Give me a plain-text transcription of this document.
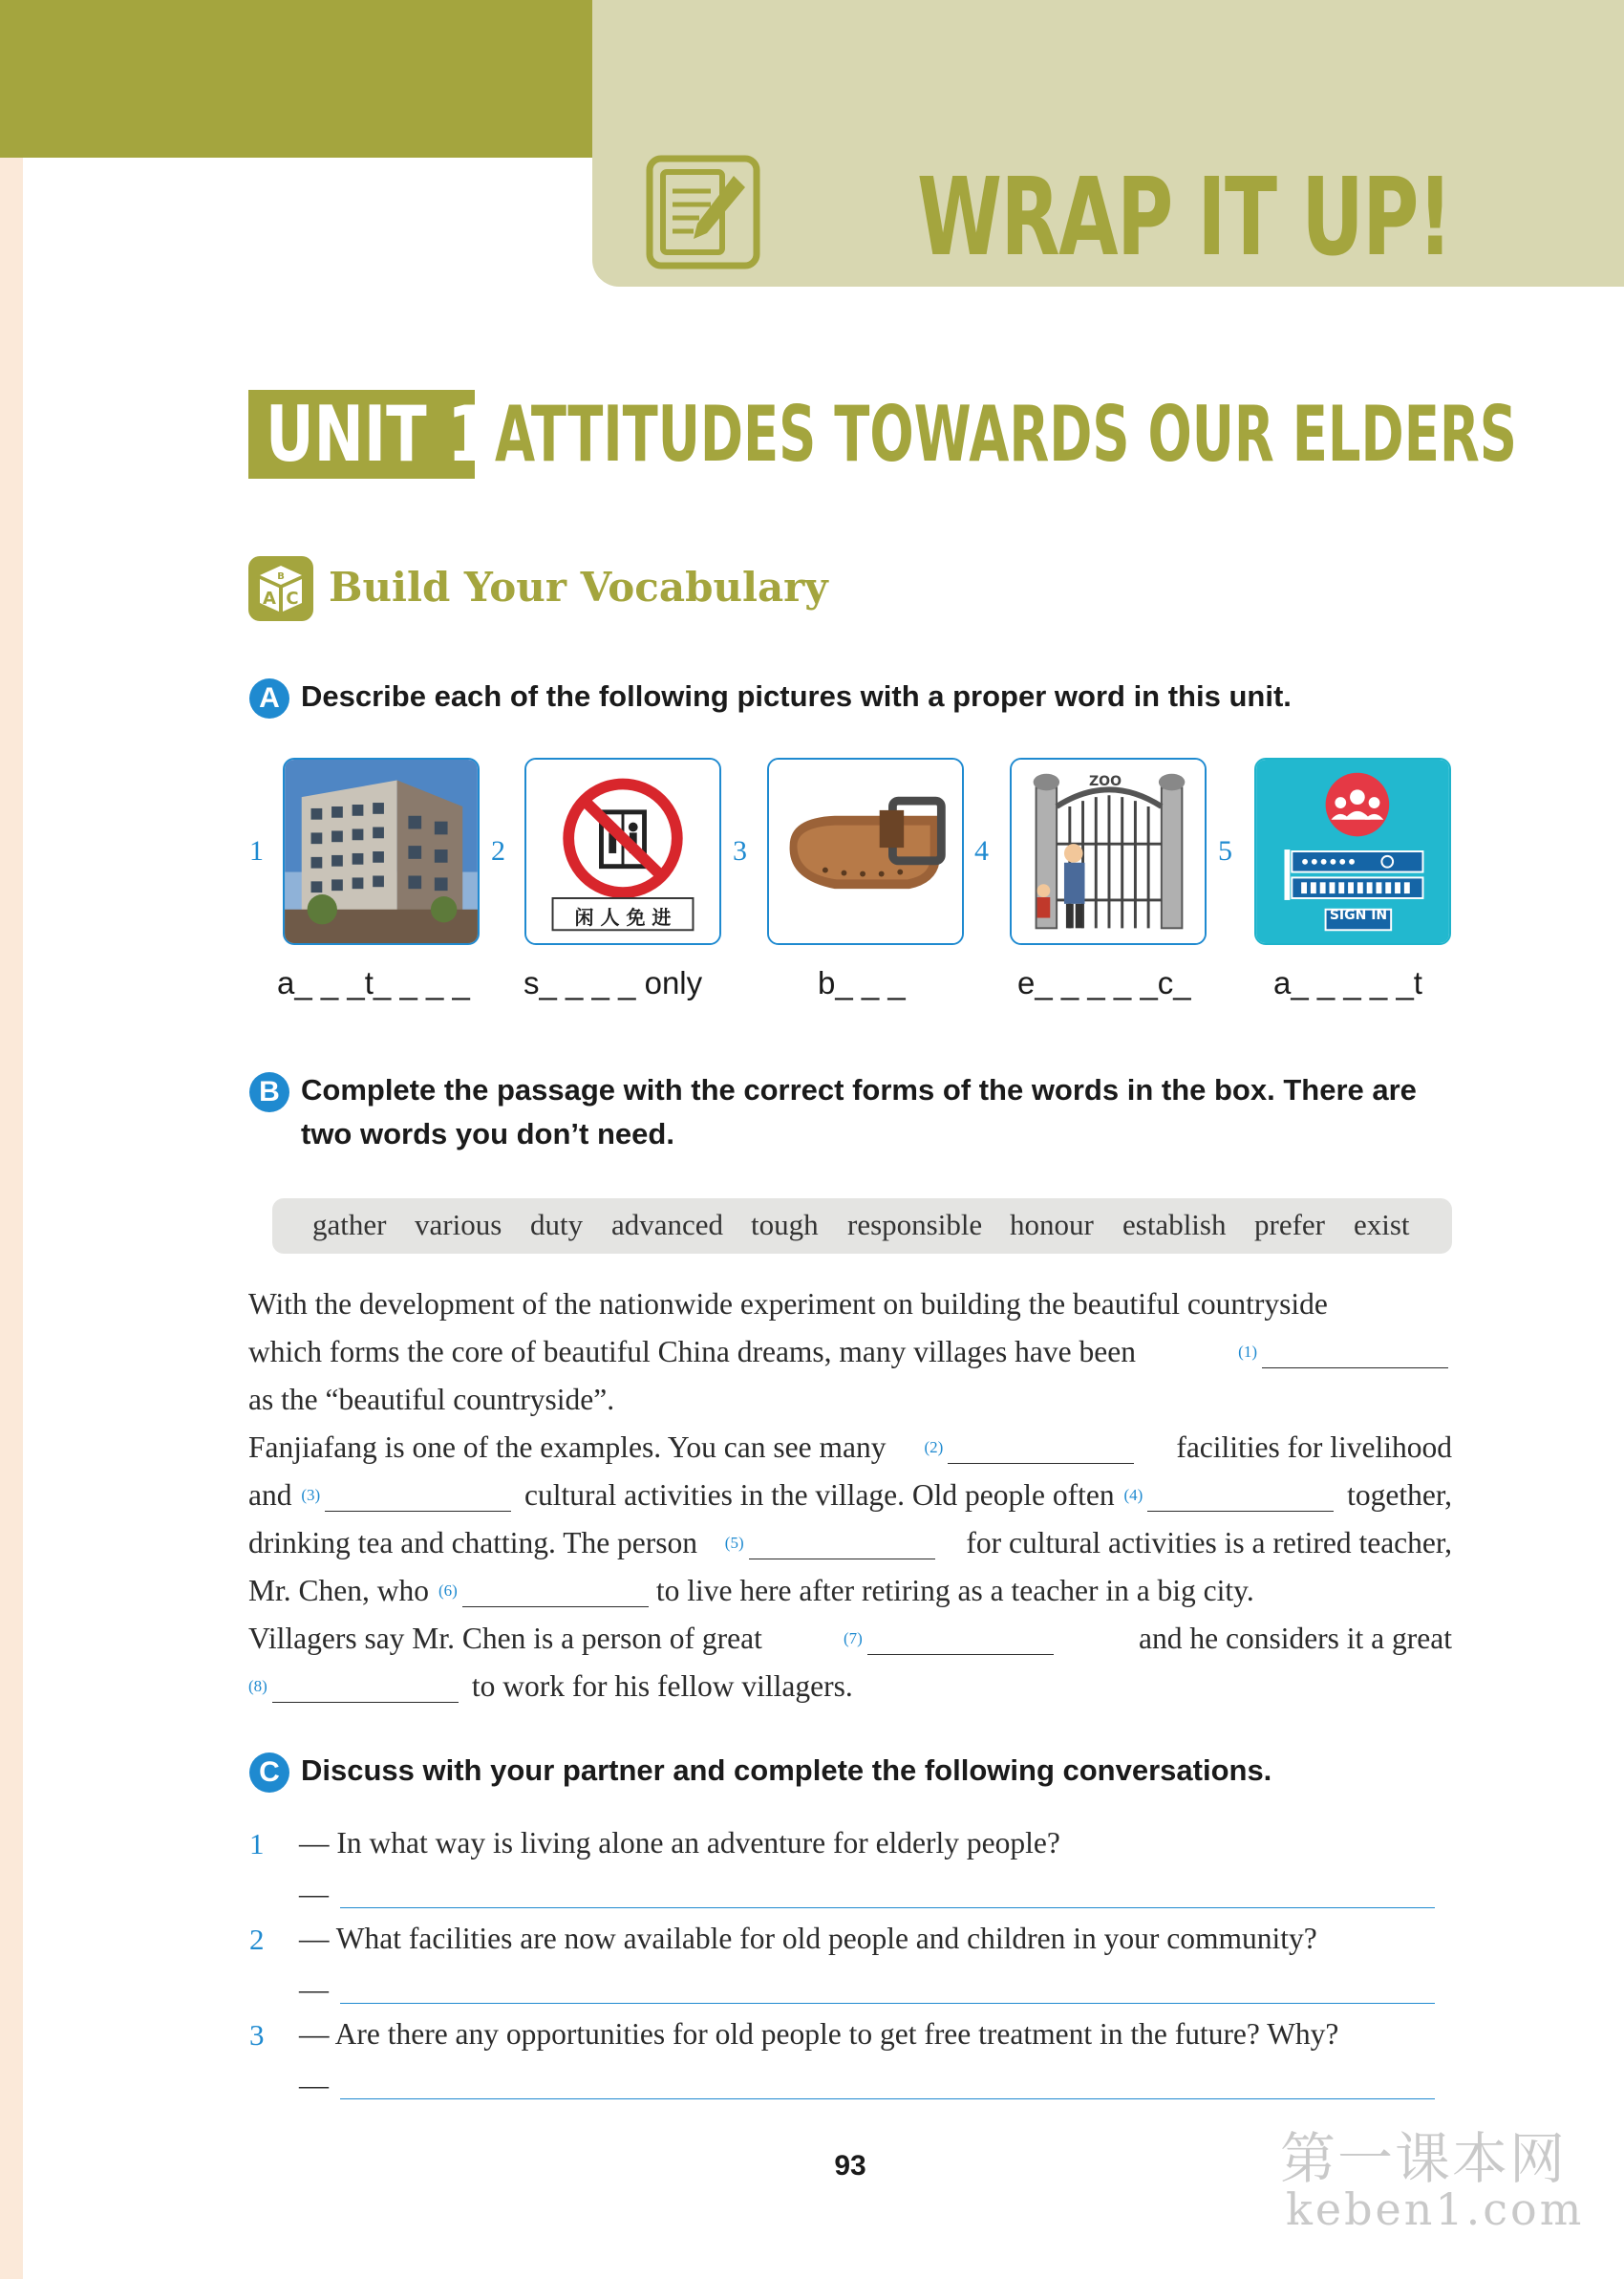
WRAP IT UP!
UNIT 1 ATTITUDES TOWARDS OUR ELDERS
A C
B Build Your Vocabulary
A Describe each of the following pictures with a proper word in this unit.
1
a_ _ _t_ _ _ _
2
闲 人 免 进
s_ _ _ _ only
3
b_ _ _
4
ZOO
e_ _ _ _ _c_
5
SIGN IN
a_ _ _ _ _t
B Complete the passage with the correct forms of the words in the box. There are
two words you don’t need.
gather various duty advanced tough responsible honour establish prefer exist
With the development of the nationwide experiment on building the beautiful countryside
which forms the core of beautiful China dreams, many villages have been	$^{(1)}$
as the “beautiful countryside”.
Fanjiafang is one of the examples. You can see many $^{(2)}$	facilities for livelihood
and $^{(3)}$	cultural activities in the village. Old people often $^{(4)}$	together,
drinking tea and chatting. The person $^{(5)}$	for cultural activities is a retired teacher,
Mr. Chen, who $^{(6)}$	to live here after retiring as a teacher in a big city.
Villagers say Mr. Chen is a person of great	$^{(7)}$	and he considers it a great
$^{(8)}$	to work for his fellow villagers.
C Discuss with your partner and complete the following conversations.
1 — In what way is living alone an adventure for elderly people?
—
2 — What facilities are now available for old people and children in your community?
—
3 — Are there any opportunities for old people to get free treatment in the future? Why?
—
93	第一课本网
keben1.com
